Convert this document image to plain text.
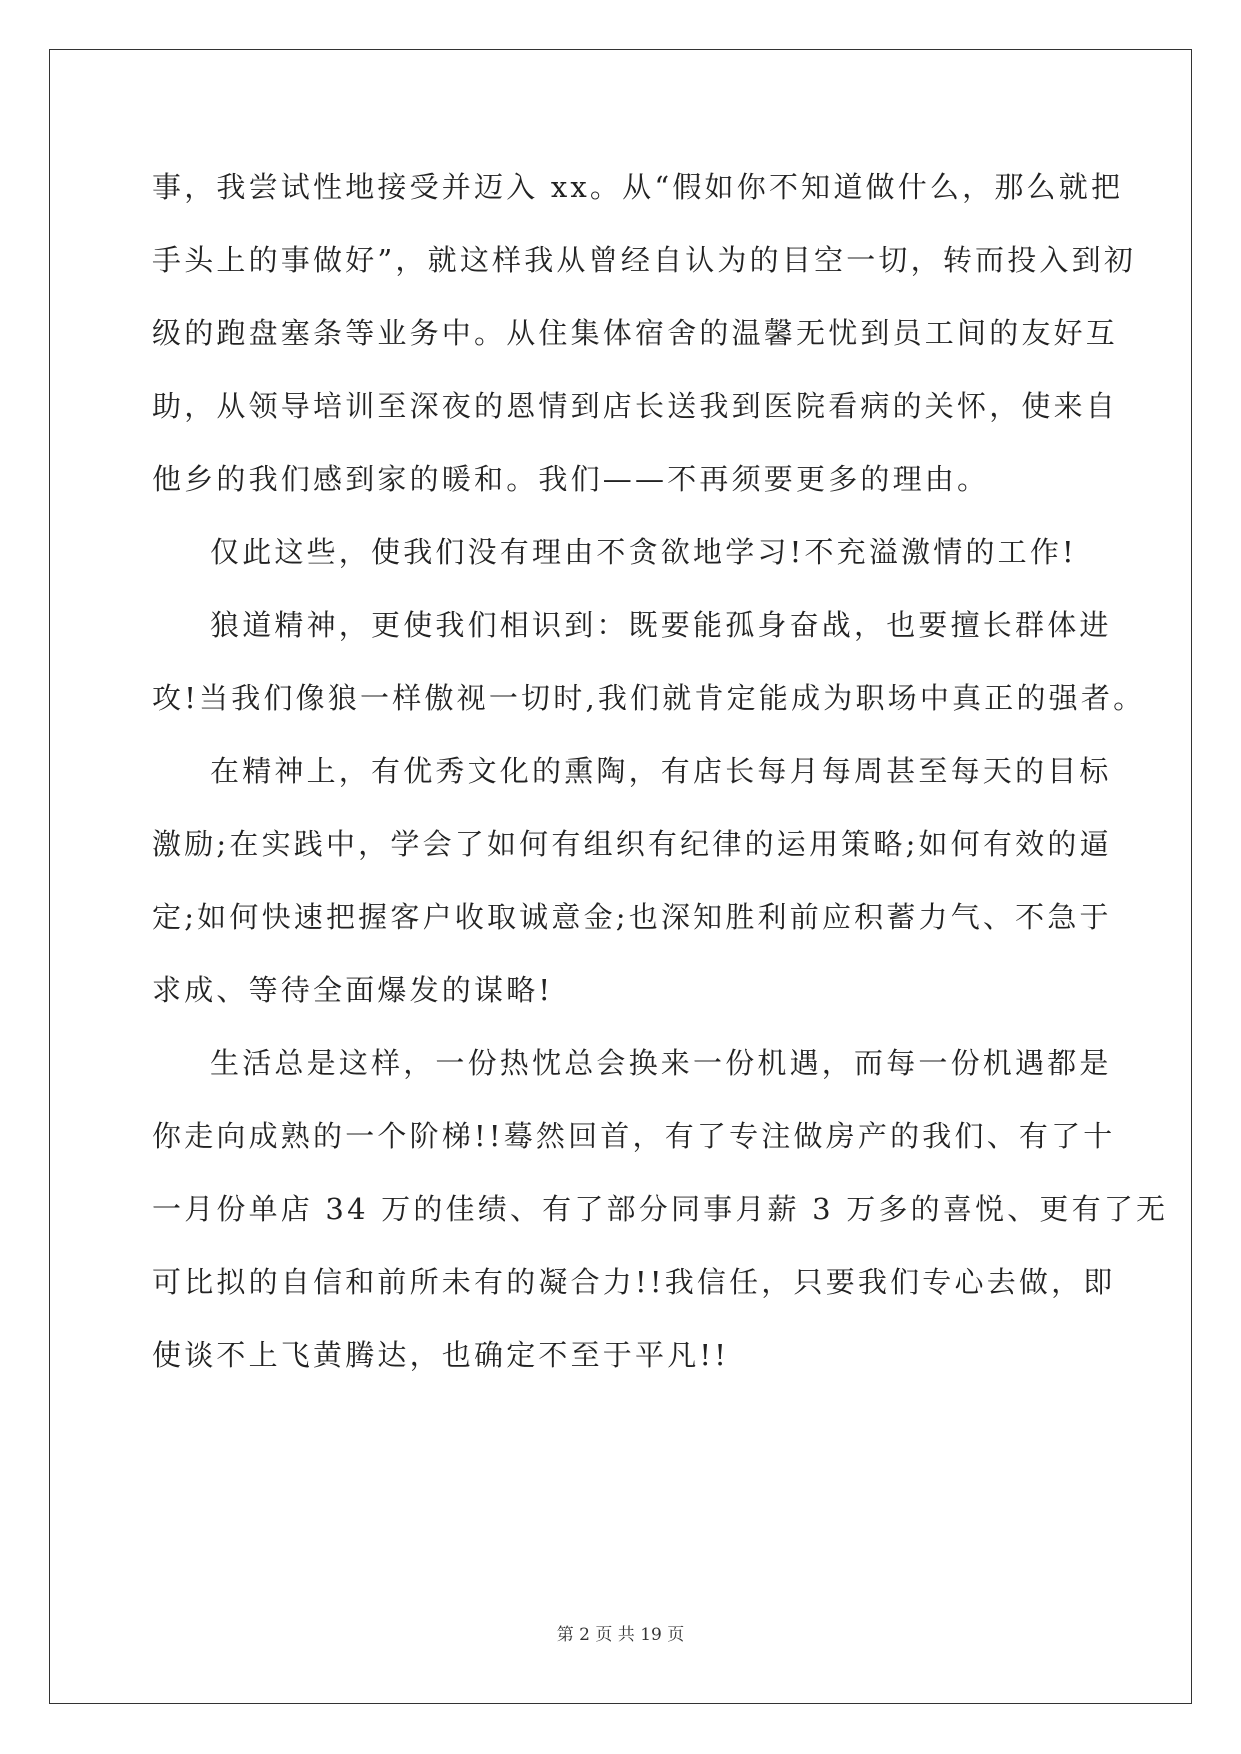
事，我尝试性地接受并迈入 xx。从“假如你不知道做什么，那么就把
手头上的事做好”，就这样我从曾经自认为的目空一切，转而投入到初
级的跑盘塞条等业务中。从住集体宿舍的温馨无忧到员工间的友好互
助，从领导培训至深夜的恩情到店长送我到医院看病的关怀，使来自
他乡的我们感到家的暖和。我们——不再须要更多的理由。
仅此这些，使我们没有理由不贪欲地学习!不充溢激情的工作!
狼道精神，更使我们相识到：既要能孤身奋战，也要擅长群体进
攻!当我们像狼一样傲视一切时,我们就肯定能成为职场中真正的强者。
在精神上，有优秀文化的熏陶，有店长每月每周甚至每天的目标
激励;在实践中，学会了如何有组织有纪律的运用策略;如何有效的逼
定;如何快速把握客户收取诚意金;也深知胜利前应积蓄力气、不急于
求成、等待全面爆发的谋略!
生活总是这样，一份热忱总会换来一份机遇，而每一份机遇都是
你走向成熟的一个阶梯!!蓦然回首，有了专注做房产的我们、有了十
一月份单店 34 万的佳绩、有了部分同事月薪 3 万多的喜悦、更有了无
可比拟的自信和前所未有的凝合力!!我信任，只要我们专心去做，即
使谈不上飞黄腾达，也确定不至于平凡!!
第 2 页 共 19 页
